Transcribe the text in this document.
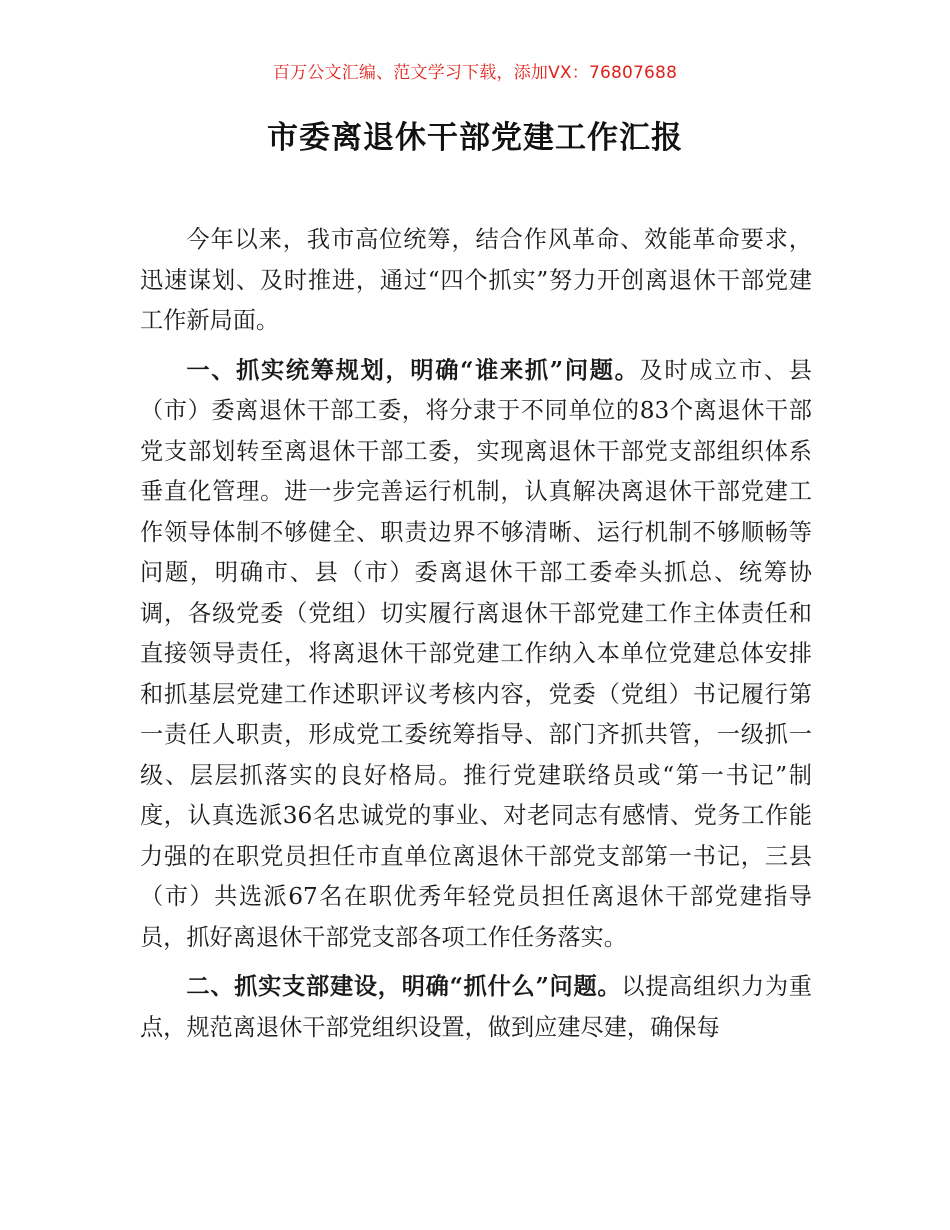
百万公文汇编、范文学习下载，添加VX：76807688
市委离退休干部党建工作汇报

今年以来，我市高位统筹，结合作风革命、效能革命要求，迅速谋划、及时推进，通过“四个抓实”努力开创离退休干部党建工作新局面。

一、抓实统筹规划，明确“谁来抓”问题。及时成立市、县（市）委离退休干部工委，将分隶于不同单位的83个离退休干部党支部划转至离退休干部工委，实现离退休干部党支部组织体系垂直化管理。进一步完善运行机制，认真解决离退休干部党建工作领导体制不够健全、职责边界不够清晰、运行机制不够顺畅等问题，明确市、县（市）委离退休干部工委牵头抓总、统筹协调，各级党委（党组）切实履行离退休干部党建工作主体责任和直接领导责任，将离退休干部党建工作纳入本单位党建总体安排和抓基层党建工作述职评议考核内容，党委（党组）书记履行第一责任人职责，形成党工委统筹指导、部门齐抓共管，一级抓一级、层层抓落实的良好格局。推行党建联络员或“第一书记”制度，认真选派36名忠诚党的事业、对老同志有感情、党务工作能力强的在职党员担任市直单位离退休干部党支部第一书记，三县（市）共选派67名在职优秀年轻党员担任离退休干部党建指导员，抓好离退休干部党支部各项工作任务落实。

二、抓实支部建设，明确“抓什么”问题。以提高组织力为重点，规范离退休干部党组织设置，做到应建尽建，确保每
